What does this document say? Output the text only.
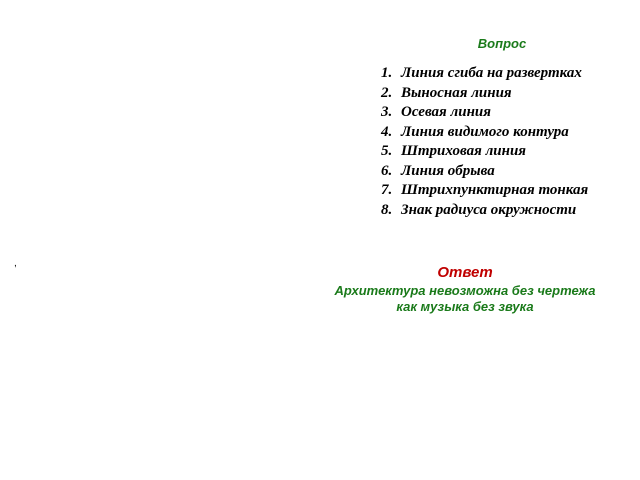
Вопрос
1. Линия сгиба на развертках
2. Выносная линия
3. Осевая линия
4. Линия видимого контура
5. Штриховая линия
6. Линия обрыва
7. Штрихпунктирная тонкая
8. Знак радиуса окружности
,
Ответ
Архитектура невозможна без чертежа
как музыка без звука
